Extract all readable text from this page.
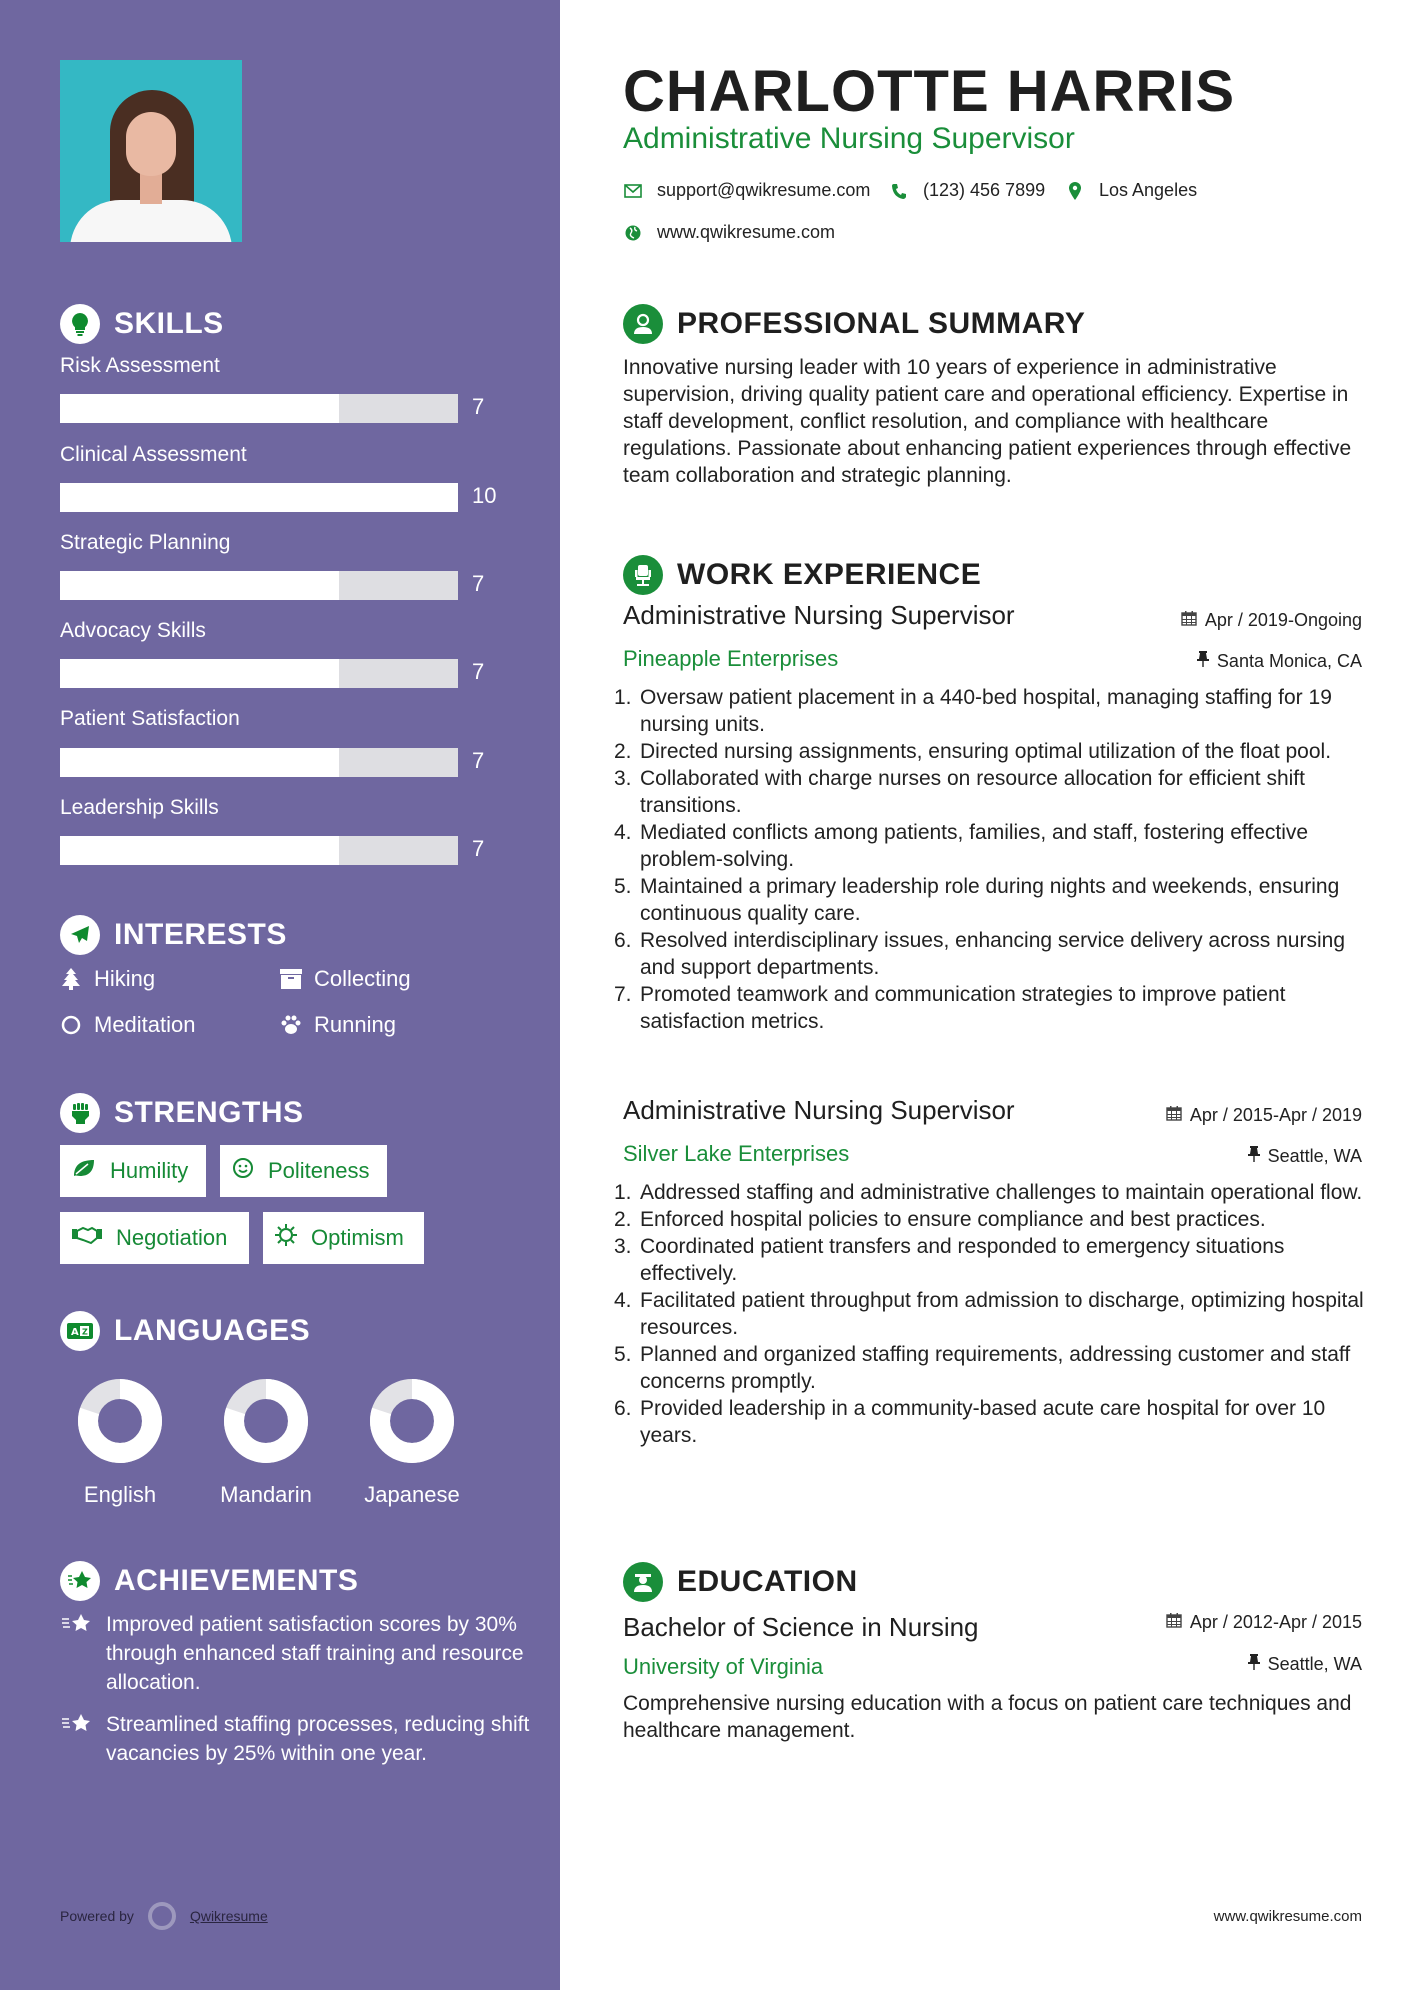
SKILLS
Risk Assessment
7
Clinical Assessment
10
Strategic Planning
7
Advocacy Skills
7
Patient Satisfaction
7
Leadership Skills
7
INTERESTS
Hiking	Collecting
Meditation	Running
STRENGTHS
Humility	Politeness
Negotiation	Optimism
A Z LANGUAGES
English	Mandarin	Japanese
ACHIEVEMENTS
Improved patient satisfaction scores by 30% through enhanced staff training and resource allocation.
Streamlined staffing processes, reducing shift vacancies by 25% within one year.
Powered by	Qwikresume
CHARLOTTE HARRIS
Administrative Nursing Supervisor
support@qwikresume.com	(123) 456 7899	Los Angeles
www.qwikresume.com
PROFESSIONAL SUMMARY

Innovative nursing leader with 10 years of experience in administrative supervision, driving quality patient care and operational efficiency. Expertise in staff development, conflict resolution, and compliance with healthcare regulations. Passionate about enhancing patient experiences through effective team collaboration and strategic planning.

WORK EXPERIENCE
Administrative Nursing Supervisor	Apr / 2019-Ongoing
Pineapple Enterprises	Santa Monica, CA
1. Oversaw patient placement in a 440-bed hospital, managing staffing for 19 nursing units.
2. Directed nursing assignments, ensuring optimal utilization of the float pool.
3. Collaborated with charge nurses on resource allocation for efficient shift transitions.
4. Mediated conflicts among patients, families, and staff, fostering effective problem-solving.
5. Maintained a primary leadership role during nights and weekends, ensuring continuous quality care.
6. Resolved interdisciplinary issues, enhancing service delivery across nursing and support departments.
7. Promoted teamwork and communication strategies to improve patient satisfaction metrics.
Administrative Nursing Supervisor	Apr / 2015-Apr / 2019
Silver Lake Enterprises	Seattle, WA
1. Addressed staffing and administrative challenges to maintain operational flow.
2. Enforced hospital policies to ensure compliance and best practices.
3. Coordinated patient transfers and responded to emergency situations effectively.
4. Facilitated patient throughput from admission to discharge, optimizing hospital resources.
5. Planned and organized staffing requirements, addressing customer and staff concerns promptly.
6. Provided leadership in a community-based acute care hospital for over 10 years.
EDUCATION
Bachelor of Science in Nursing	Apr / 2012-Apr / 2015
University of Virginia	Seattle, WA

Comprehensive nursing education with a focus on patient care techniques and healthcare management.

www.qwikresume.com
